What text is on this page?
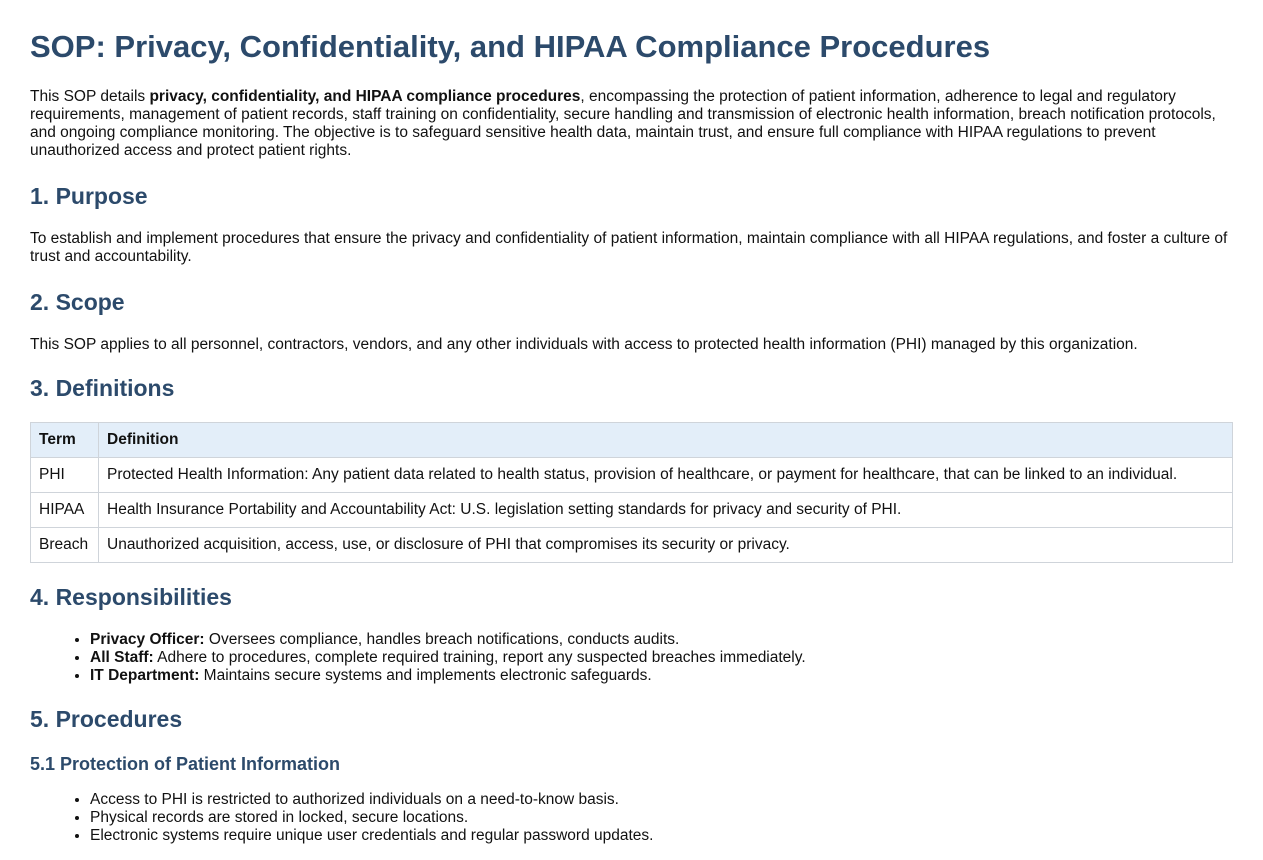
SOP: Privacy, Confidentiality, and HIPAA Compliance Procedures

This SOP details privacy, confidentiality, and HIPAA compliance procedures, encompassing the protection of patient information, adherence to legal and regulatory requirements, management of patient records, staff training on confidentiality, secure handling and transmission of electronic health information, breach notification protocols, and ongoing compliance monitoring. The objective is to safeguard sensitive health data, maintain trust, and ensure full compliance with HIPAA regulations to prevent unauthorized access and protect patient rights.

1. Purpose

To establish and implement procedures that ensure the privacy and confidentiality of patient information, maintain compliance with all HIPAA regulations, and foster a culture of trust and accountability.

2. Scope

This SOP applies to all personnel, contractors, vendors, and any other individuals with access to protected health information (PHI) managed by this organization.

3. Definitions
Term	Definition
PHI	Protected Health Information: Any patient data related to health status, provision of healthcare, or payment for healthcare, that can be linked to an individual.
HIPAA	Health Insurance Portability and Accountability Act: U.S. legislation setting standards for privacy and security of PHI.
Breach	Unauthorized acquisition, access, use, or disclosure of PHI that compromises its security or privacy.
4. Responsibilities
• Privacy Officer: Oversees compliance, handles breach notifications, conducts audits.
• All Staff: Adhere to procedures, complete required training, report any suspected breaches immediately.
• IT Department: Maintains secure systems and implements electronic safeguards.
5. Procedures
5.1 Protection of Patient Information
• Access to PHI is restricted to authorized individuals on a need-to-know basis.
• Physical records are stored in locked, secure locations.
• Electronic systems require unique user credentials and regular password updates.
